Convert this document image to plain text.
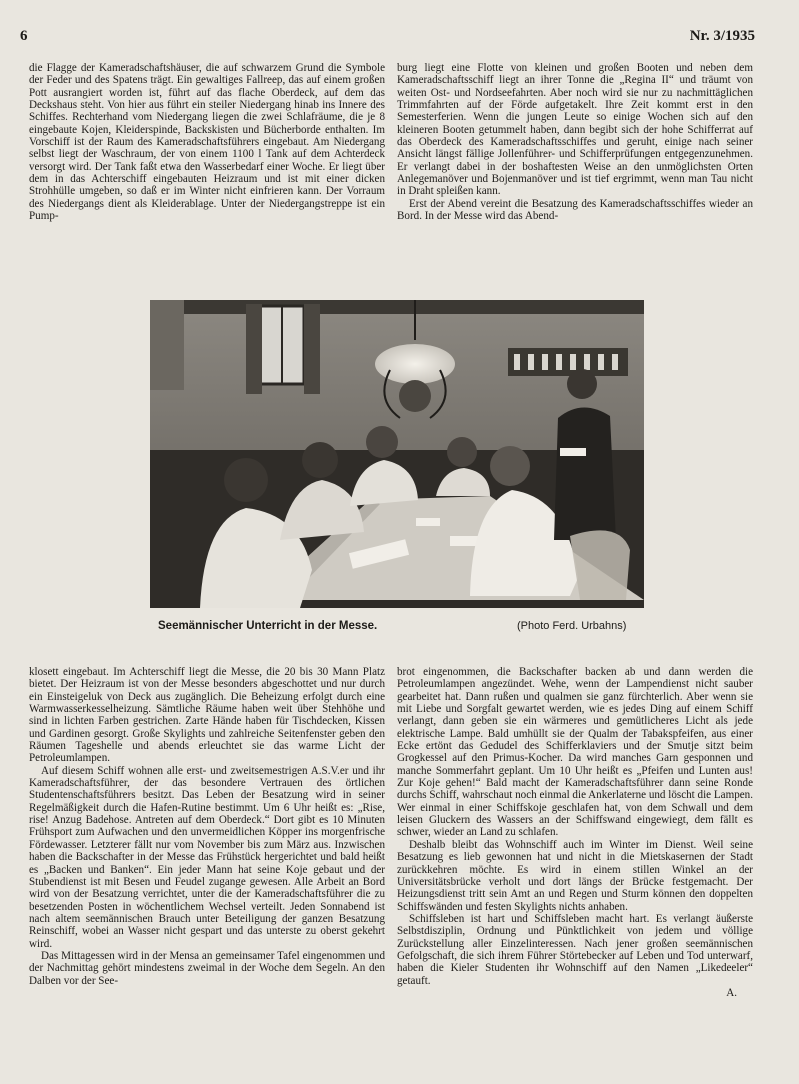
6	Nr. 3/1935

die Flagge der Kameradschaftshäuser, die auf schwarzem Grund die Symbole der Feder und des Spatens trägt. Ein gewaltiges Fallreep, das auf einem großen Pott ausrangiert worden ist, führt auf das flache Oberdeck, auf dem das Deckshaus steht. Von hier aus führt ein steiler Niedergang hinab ins Innere des Schiffes. Rechterhand vom Niedergang liegen die zwei Schlafräume, die je 8 eingebaute Kojen, Kleiderspinde, Backskisten und Bücherborde enthalten. Im Vorschiff ist der Raum des Kameradschaftsführers eingebaut. Am Niedergang selbst liegt der Waschraum, der von einem 1100 l Tank auf dem Achterdeck versorgt wird. Der Tank faßt etwa den Wasserbedarf einer Woche. Er liegt über dem in das Achterschiff eingebauten Heizraum und ist mit einer dicken Strohhülle umgeben, so daß er im Winter nicht einfrieren kann. Der Vorraum des Niedergangs dient als Kleiderablage. Unter der Niedergangstreppe ist ein Pump-

burg liegt eine Flotte von kleinen und großen Booten und neben dem Kameradschaftsschiff liegt an ihrer Tonne die „Regina II“ und träumt von weiten Ost- und Nordseefahrten. Aber noch wird sie nur zu nachmittäglichen Trimmfahrten auf der Förde aufgetakelt. Ihre Zeit kommt erst in den Semesterferien. Wenn die jungen Leute so einige Wochen sich auf den kleineren Booten getummelt haben, dann begibt sich der hohe Schifferrat auf das Oberdeck des Kameradschaftsschiffes und geruht, einige nach seiner Ansicht längst fällige Jollenführer- und Schifferprüfungen entgegenzunehmen. Er verlangt dabei in der boshaftesten Weise an den unmöglichsten Orten Anlegemanöver und Bojenmanöver und ist tief ergrimmt, wenn man Tau nicht in Draht spleißen kann.

Erst der Abend vereint die Besatzung des Kameradschaftsschiffes wieder an Bord. In der Messe wird das Abend-

Seemännischer Unterricht in der Messe.	(Photo Ferd. Urbahns)

klosett eingebaut. Im Achterschiff liegt die Messe, die 20 bis 30 Mann Platz bietet. Der Heizraum ist von der Messe besonders abgeschottet und nur durch ein Einsteigeluk von Deck aus zugänglich. Die Beheizung erfolgt durch eine Warmwasserkesselheizung. Sämtliche Räume haben weit über Stehhöhe und sind in lichten Farben gestrichen. Zarte Hände haben für Tischdecken, Kissen und Gardinen gesorgt. Große Skylights und zahlreiche Seitenfenster geben den Räumen Tageshelle und abends erleuchtet sie das warme Licht der Petroleumlampen.

Auf diesem Schiff wohnen alle erst- und zweitsemestrigen A.S.V.er und ihr Kameradschaftsführer, der das besondere Vertrauen des örtlichen Studentenschaftsführers besitzt. Das Leben der Besatzung wird in seiner Regelmäßigkeit durch die Hafen-Rutine bestimmt. Um 6 Uhr heißt es: „Rise, rise! Anzug Badehose. Antreten auf dem Oberdeck.“ Dort gibt es 10 Minuten Frühsport zum Aufwachen und den unvermeidlichen Köpper ins morgenfrische Fördewasser. Letzterer fällt nur vom November bis zum März aus. Inzwischen haben die Backschafter in der Messe das Frühstück hergerichtet und bald heißt es „Backen und Banken“. Ein jeder Mann hat seine Koje gebaut und der Stubendienst ist mit Besen und Feudel zugange gewesen. Alle Arbeit an Bord wird von der Besatzung verrichtet, unter die der Kameradschaftsführer die zu besetzenden Posten in wöchentlichem Wechsel verteilt. Jeden Sonnabend ist nach altem seemännischen Brauch unter Beteiligung der ganzen Besatzung Reinschiff, wobei an Wasser nicht gespart und das unterste zu oberst gekehrt wird.

Das Mittagessen wird in der Mensa an gemeinsamer Tafel eingenommen und der Nachmittag gehört mindestens zweimal in der Woche dem Segeln. An den Dalben vor der See-

brot eingenommen, die Backschafter backen ab und dann werden die Petroleumlampen angezündet. Wehe, wenn der Lampendienst nicht sauber gearbeitet hat. Dann rußen und qualmen sie ganz fürchterlich. Aber wenn sie mit Liebe und Sorgfalt gewartet werden, wie es jedes Ding auf einem Schiff verlangt, dann geben sie ein wärmeres und gemütlicheres Licht als jede elektrische Lampe. Bald umhüllt sie der Qualm der Tabakspfeifen, aus einer Ecke ertönt das Gedudel des Schifferklaviers und der Smutje sitzt beim Grogkessel auf den Primus-Kocher. Da wird manches Garn gesponnen und manche Sommerfahrt geplant. Um 10 Uhr heißt es „Pfeifen und Lunten aus! Zur Koje gehen!“ Bald macht der Kameradschaftsführer dann seine Ronde durchs Schiff, wahrschaut noch einmal die Ankerlaterne und löscht die Lampen. Wer einmal in einer Schiffskoje geschlafen hat, von dem Schwall und dem leisen Gluckern des Wassers an der Schiffswand eingewiegt, dem fällt es schwer, wieder an Land zu schlafen.

Deshalb bleibt das Wohnschiff auch im Winter im Dienst. Weil seine Besatzung es lieb gewonnen hat und nicht in die Mietskasernen der Stadt zurückkehren möchte. Es wird in einem stillen Winkel an der Universitätsbrücke verholt und dort längs der Brücke festgemacht. Der Heizungsdienst tritt sein Amt an und Regen und Sturm können den doppelten Schiffswänden und festen Skylights nichts anhaben.

Schiffsleben ist hart und Schiffsleben macht hart. Es verlangt äußerste Selbstdisziplin, Ordnung und Pünktlichkeit von jedem und völlige Zurückstellung aller Einzelinteressen. Nach jener großen seemännischen Gefolgschaft, die sich ihrem Führer Störtebecker auf Leben und Tod unterwarf, haben die Kieler Studenten ihr Wohnschiff auf den Namen „Likedeeler“ getauft.

A.
